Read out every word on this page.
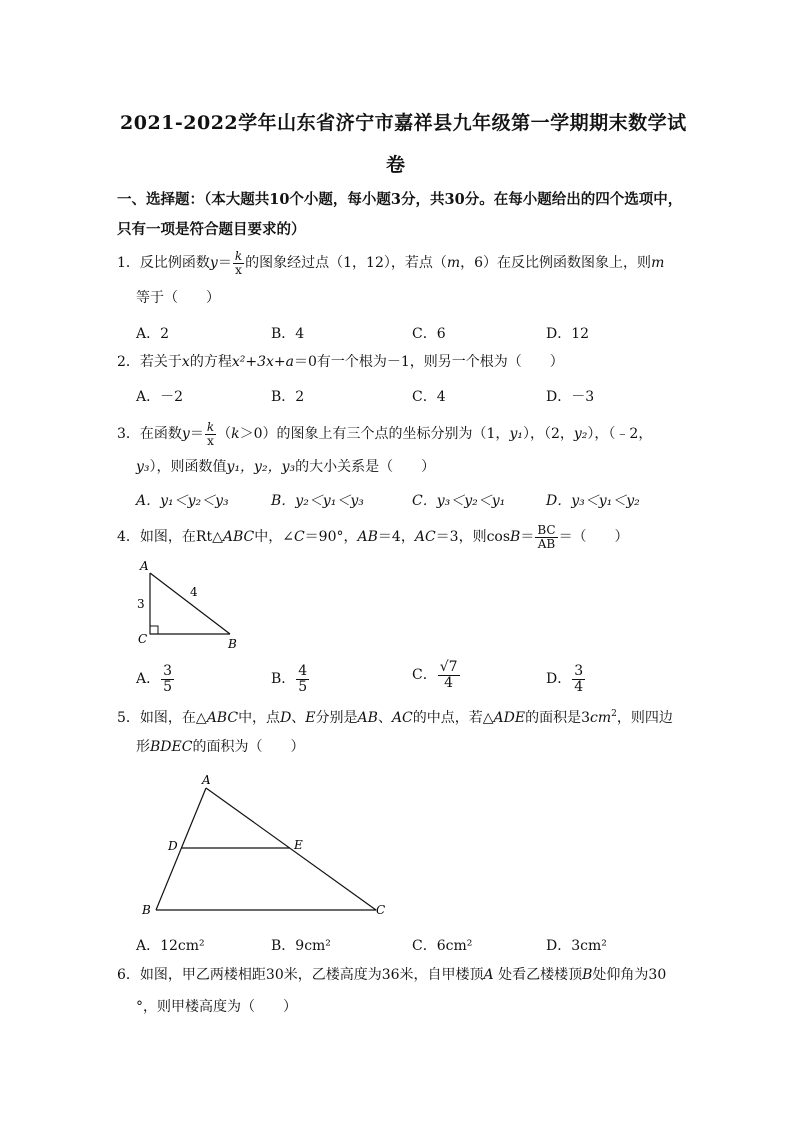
2021-2022学年山东省济宁市嘉祥县九年级第一学期期末数学试
卷
一、选择题：（本大题共10个小题，每小题3分，共30分。在每小题给出的四个选项中，
只有一项是符合题目要求的）
1．反比例函数$y= \frac{k}{x}$ 的图象经过点（1，12），若点（m，6）在反比例函数图象上，则m
等于（　　）
A．2	B．4	C．6	D．12
2．若关于x的方程x²+3x+a＝0有一个根为－1，则另一个根为（　　）
A．－2	B．2	C．4	D．－3
3．在函数$y= \frac{k}{x} (k>0)$的图象上有三个点的坐标分别为（1，y₁），（2，y₂），（﹣2，
y₃），则函数值y₁，y₂，y₃的大小关系是（　　）
A．y₁＜y₂＜y₃	B．y₂＜y₁＜y₃	C．y₃＜y₂＜y₁	D．y₃＜y₁＜y₂
4．如图，在Rt△ABC中，∠C＝90°，AB＝4，AC＝3，则$\cos B= \frac{BC}{AB}$ ＝（　　）
A
C	B
3
4
A． $\frac{3}{5}$	B． $\frac{4}{5}$	C． $\frac{√7}{4}$	D． $\frac{3}{4}$
5．如图，在△ABC中，点D、E分别是AB、AC的中点，若△ADE的面积是$3cm^2$，则四边
形BDEC的面积为（　　）
A
B	C
D	E
A．12cm²	B．9cm²	C．6cm²	D．3cm²
6．如图，甲乙两楼相距30米，乙楼高度为36米，自甲楼顶A 处看乙楼楼顶B处仰角为30
°，则甲楼高度为（　　）
